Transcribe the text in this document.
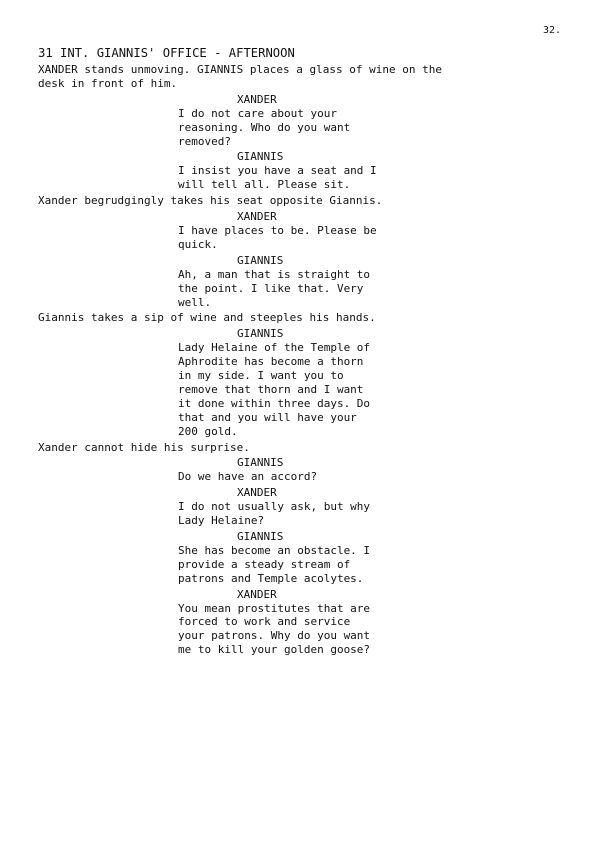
32.
31 INT. GIANNIS' OFFICE - AFTERNOON
XANDER stands unmoving. GIANNIS places a glass of wine on the
desk in front of him.
XANDER
I do not care about your
reasoning. Who do you want
removed?
GIANNIS
I insist you have a seat and I
will tell all. Please sit.
Xander begrudgingly takes his seat opposite Giannis.
XANDER
I have places to be. Please be
quick.
GIANNIS
Ah, a man that is straight to
the point. I like that. Very
well.
Giannis takes a sip of wine and steeples his hands.
GIANNIS
Lady Helaine of the Temple of
Aphrodite has become a thorn
in my side. I want you to
remove that thorn and I want
it done within three days. Do
that and you will have your
200 gold.
Xander cannot hide his surprise.
GIANNIS
Do we have an accord?
XANDER
I do not usually ask, but why
Lady Helaine?
GIANNIS
She has become an obstacle. I
provide a steady stream of
patrons and Temple acolytes.
XANDER
You mean prostitutes that are
forced to work and service
your patrons. Why do you want
me to kill your golden goose?
